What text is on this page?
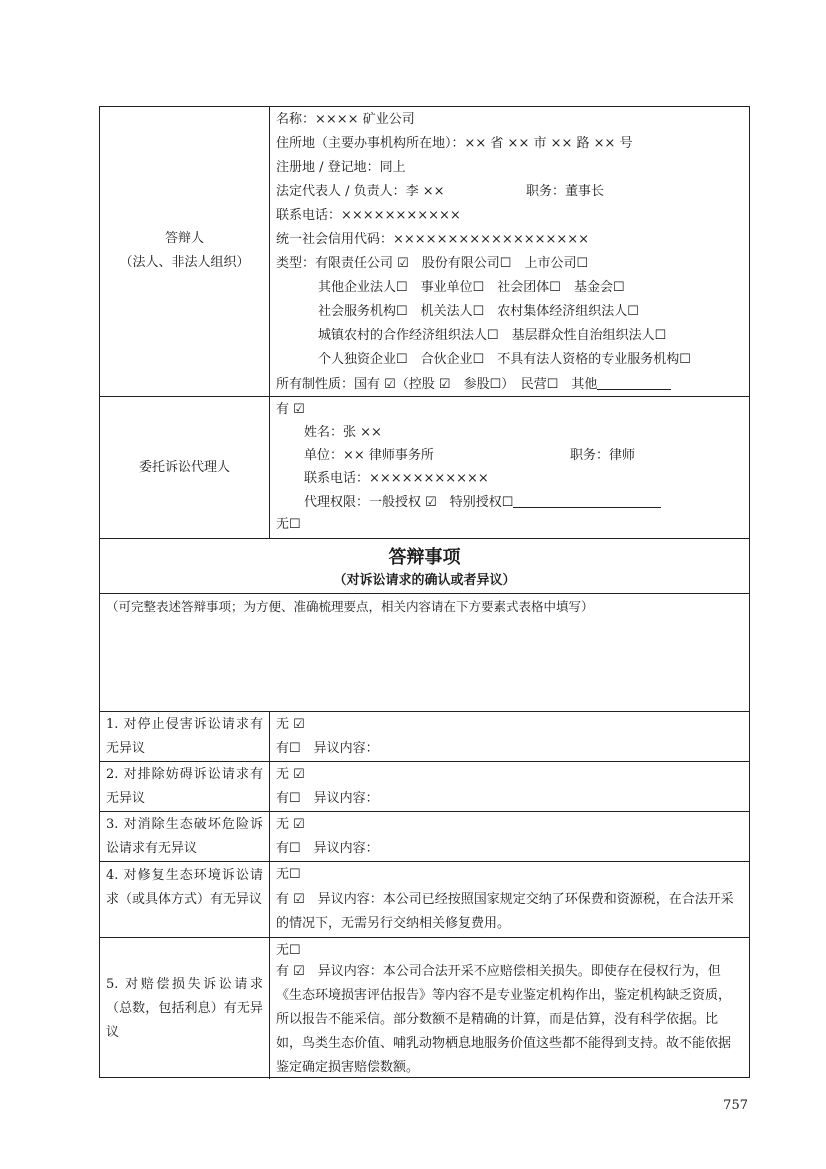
答辩人
（法人、非法人组织）
名称：×××× 矿业公司
住所地（主要办事机构所在地）：×× 省 ×× 市 ×× 路 ×× 号
注册地 / 登记地：同上
法定代表人 / 负责人：李 ××	职务：董事长
联系电话：×××××××××××
统一社会信用代码：××××××××××××××××××
类型：有限责任公司 ☑　股份有限公司☐　上市公司☐
其他企业法人☐　事业单位☐　社会团体☐　基金会☐
社会服务机构☐　机关法人☐　农村集体经济组织法人☐
城镇农村的合作经济组织法人☐　基层群众性自治组织法人☐
个人独资企业☐　合伙企业☐　不具有法人资格的专业服务机构☐
所有制性质：国有 ☑（控股 ☑　参股☐）　民营☐　其他
委托诉讼代理人
有 ☑
姓名：张 ××
单位：×× 律师事务所	职务：律师
联系电话：×××××××××××
代理权限：一般授权 ☑　特别授权☐
无☐
答辩事项
（对诉讼请求的确认或者异议）
（可完整表述答辩事项；为方便、准确梳理要点，相关内容请在下方要素式表格中填写）
1. 对停止侵害诉讼请求有无异议
无 ☑
有☐　异议内容：
2. 对排除妨碍诉讼请求有无异议
无 ☑
有☐　异议内容：
3. 对消除生态破坏危险诉讼请求有无异议
无 ☑
有☐　异议内容：
4. 对修复生态环境诉讼请求（或具体方式）有无异议
无☐
有 ☑　异议内容：本公司已经按照国家规定交纳了环保费和资源税，在合法开采的情况下，无需另行交纳相关修复费用。
5. 对赔偿损失诉讼请求（总数，包括利息）有无异议
无☐
有 ☑　异议内容：本公司合法开采不应赔偿相关损失。即使存在侵权行为，但《生态环境损害评估报告》等内容不是专业鉴定机构作出，鉴定机构缺乏资质，所以报告不能采信。部分数额不是精确的计算，而是估算，没有科学依据。比如，鸟类生态价值、哺乳动物栖息地服务价值这些都不能得到支持。故不能依据鉴定确定损害赔偿数额。
757
